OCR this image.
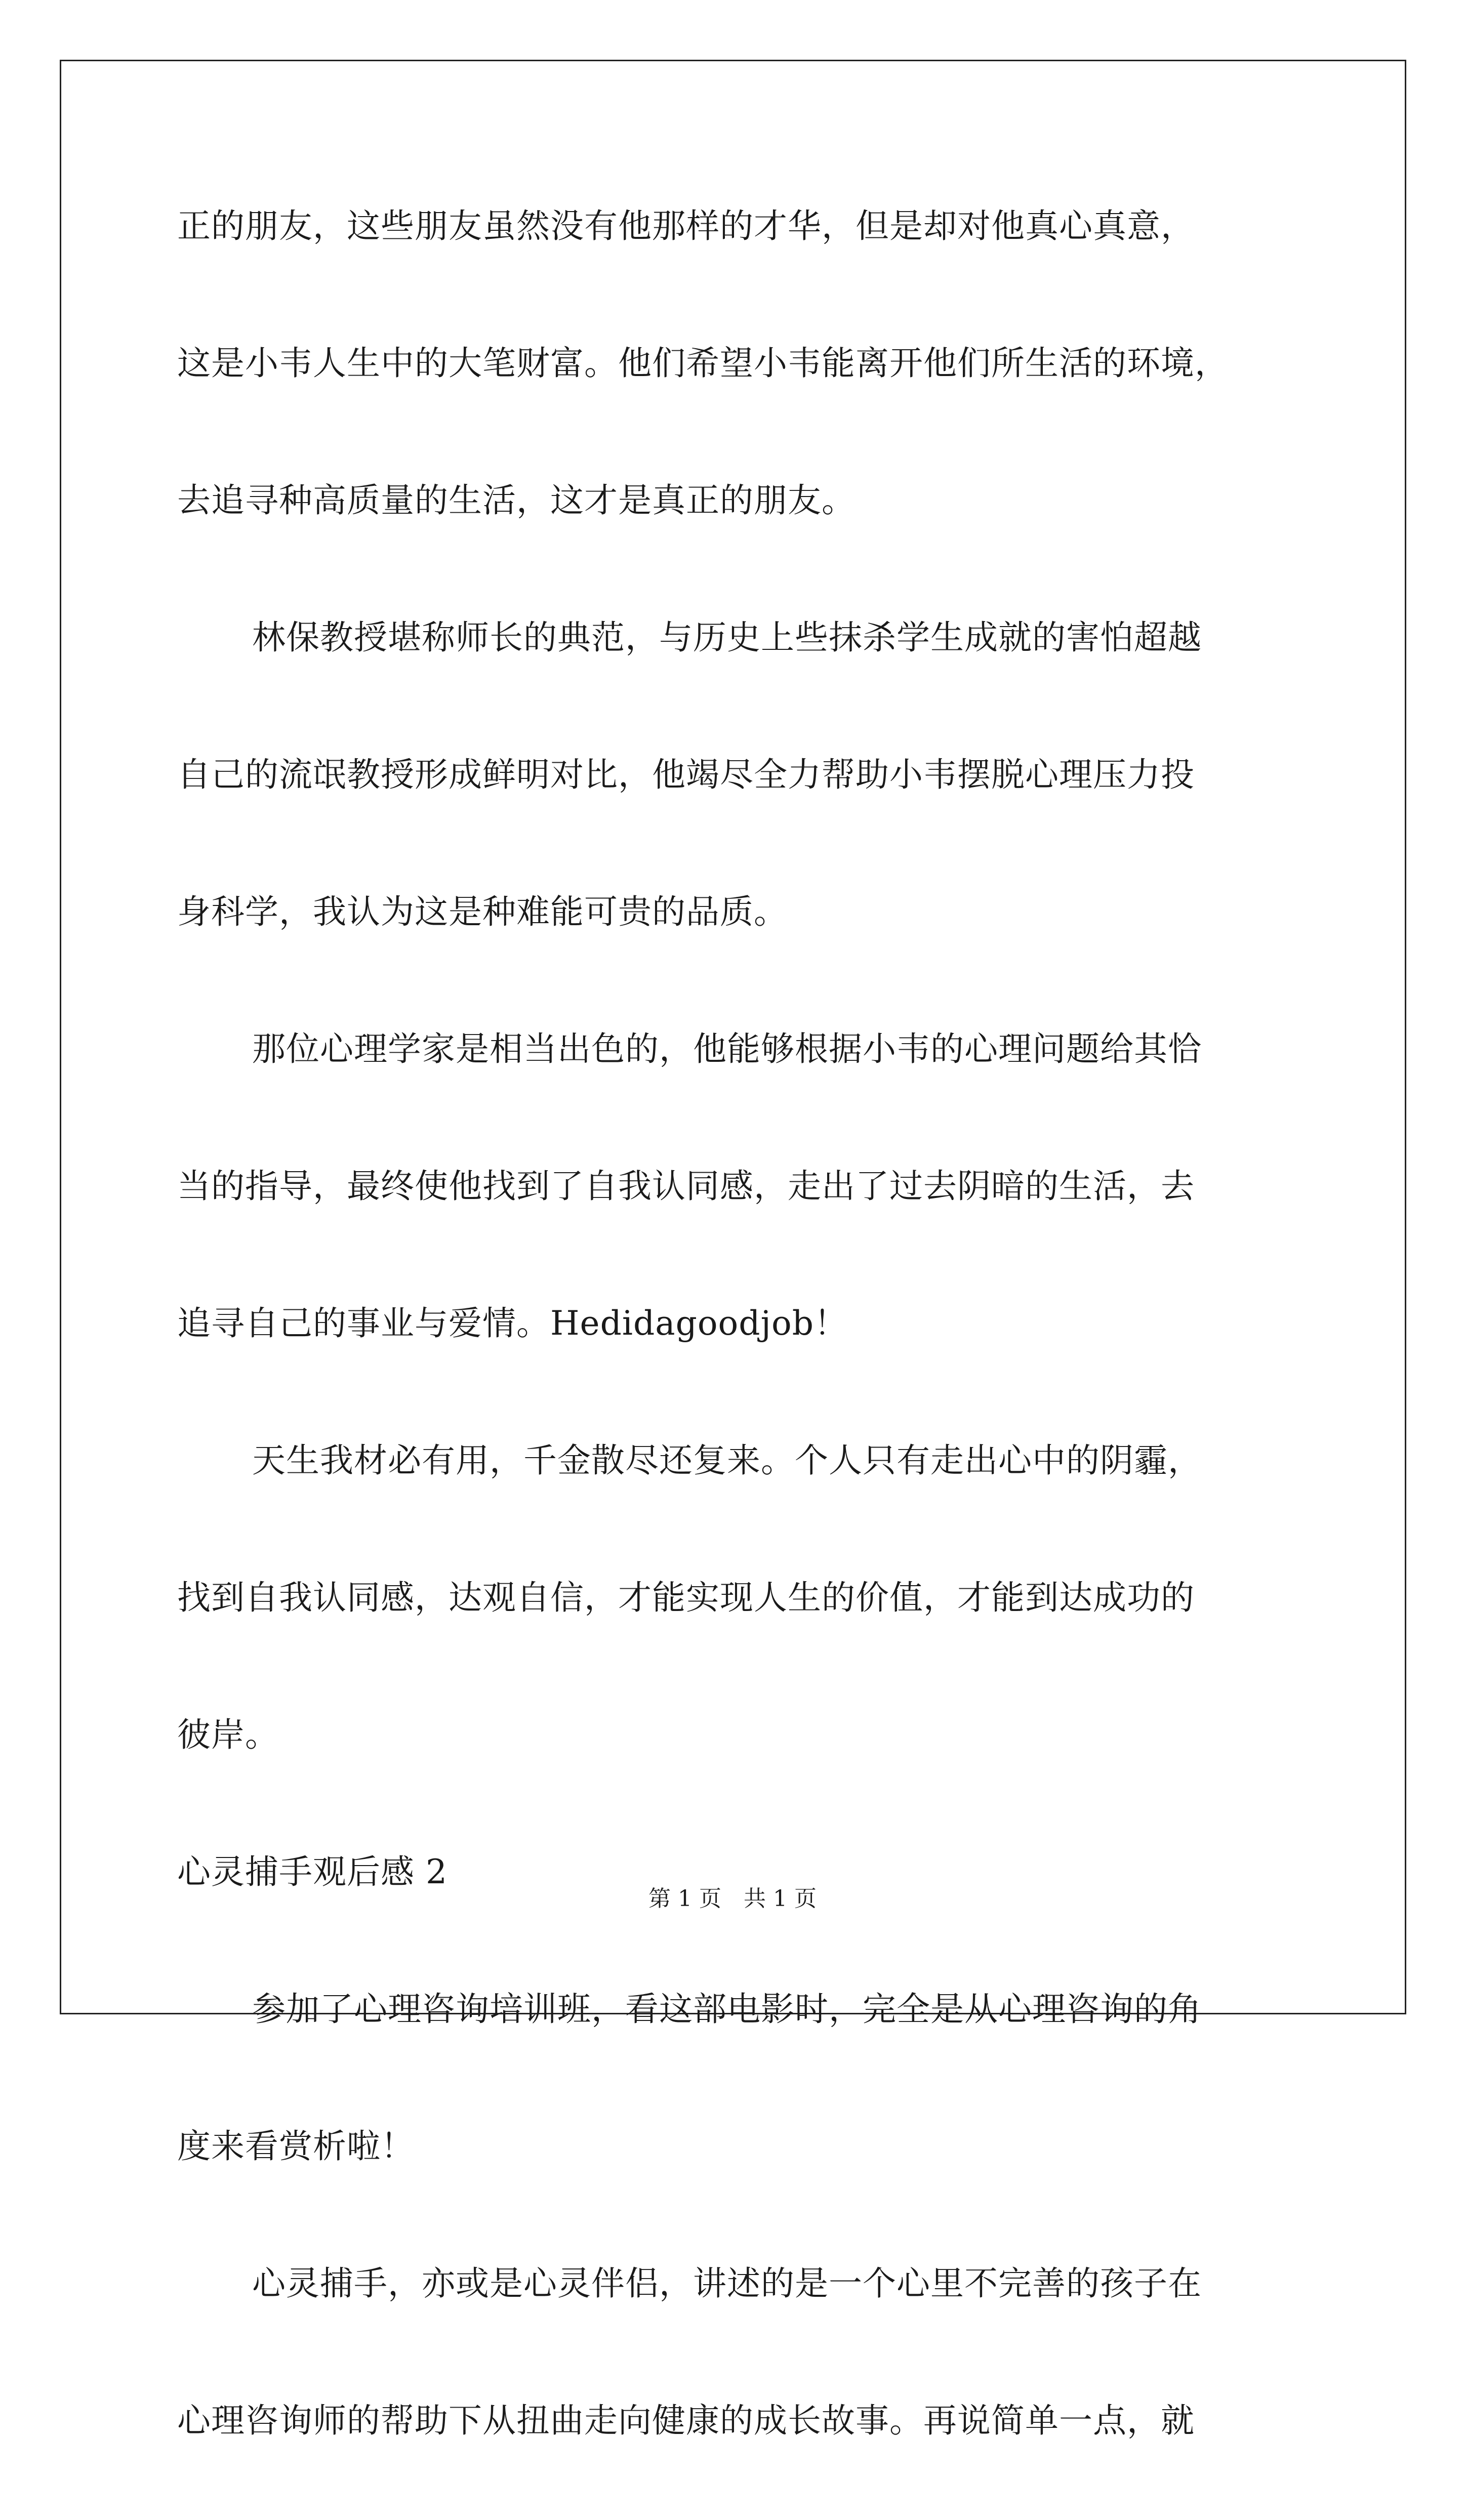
正的朋友，这些朋友虽然没有他那样的才华，但是却对他真心真意，
这是小韦人生中的大笔财富。他们希望小韦能离开他们所生活的环境，
去追寻种高质量的生活，这才是真正的朋友。
林保教授堪称师长的典范，与历史上些抹杀学生成就的害怕超越
自己的流氓教授形成鲜明对比，他竭尽全力帮助小韦摆脱心理压力投
身科学，我认为这是种难能可贵的品质。
那位心理学家是相当出色的，他能够根据小韦的心理问题给其恰
当的指导，最终使他找到了自我认同感，走出了过去阴暗的生活，去
追寻自己的事业与爱情。Hedidagoodjob！
天生我材必有用，千金散尽还复来。个人只有走出心中的阴霾，
找到自我认同感，达观自信，才能实现人生的价值，才能到达成功的
彼岸。
心灵捕手观后感 2
参加了心理咨询培训班，看这部电影时，完全是从心理咨询的角
度来看赏析啦！
心灵捕手，亦或是心灵伴侣，讲述的是一个心里不完善的孩子在
心理咨询师的帮助下从扭曲走向健康的成长故事。再说简单一点，就
第 1 页 共 1 页
